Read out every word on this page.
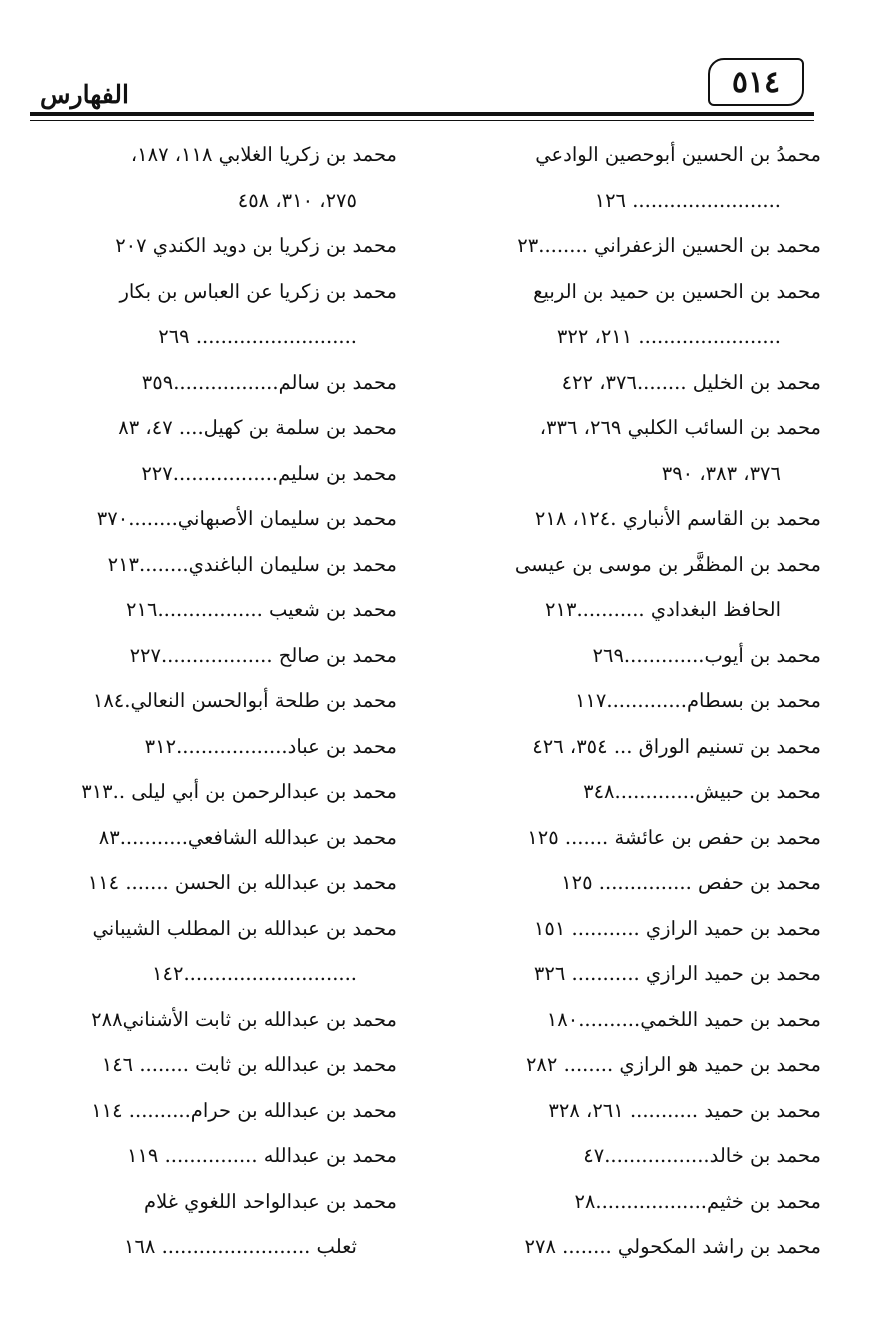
٥١٤
الفهارس
محمدُ بن الحسين أبوحصين الوادعي
........................ ١٢٦
محمد بن الحسين الزعفراني ........٢٣
محمد بن الحسين بن حميد بن الربيع
....................... ٢١١، ٣٢٢
محمد بن الخليل ........٣٧٦، ٤٢٢
محمد بن السائب الكلبي ٢٦٩، ٣٣٦،
٣٧٦، ٣٨٣، ٣٩٠
محمد بن القاسم الأنباري .١٢٤، ٢١٨
محمد بن المظفَّر بن موسى بن عيسى
الحافظ البغدادي ...........٢١٣
محمد بن أيوب.............٢٦٩
محمد بن بسطام.............١١٧
محمد بن تسنيم الوراق ... ٣٥٤، ٤٢٦
محمد بن حبيش.............٣٤٨
محمد بن حفص بن عائشة ....... ١٢٥
محمد بن حفص ............... ١٢٥
محمد بن حميد الرازي ........... ١٥١
محمد بن حميد الرازي ........... ٣٢٦
محمد بن حميد اللخمي..........١٨٠
محمد بن حميد هو الرازي ........ ٢٨٢
محمد بن حميد ........... ٢٦١، ٣٢٨
محمد بن خالد.................٤٧
محمد بن خثيم..................٢٨
محمد بن راشد المكحولي ........ ٢٧٨
محمد بن زكريا الغلابي ١١٨، ١٨٧،
٢٧٥، ٣١٠، ٤٥٨
محمد بن زكريا بن دويد الكندي ٢٠٧
محمد بن زكريا عن العباس بن بكار
.......................... ٢٦٩
محمد بن سالم.................٣٥٩
محمد بن سلمة بن كهيل.... ٤٧، ٨٣
محمد بن سليم.................٢٢٧
محمد بن سليمان الأصبهاني........٣٧٠
محمد بن سليمان الباغندي........٢١٣
محمد بن شعيب .................٢١٦
محمد بن صالح ..................٢٢٧
محمد بن طلحة أبوالحسن النعالي.١٨٤
محمد بن عباد..................٣١٢
محمد بن عبدالرحمن بن أبي ليلى ..٣١٣
محمد بن عبدالله الشافعي...........٨٣
محمد بن عبدالله بن الحسن ....... ١١٤
محمد بن عبدالله بن المطلب الشيباني
............................١٤٢
محمد بن عبدالله بن ثابت الأشناني٢٨٨
محمد بن عبدالله بن ثابت ........ ١٤٦
محمد بن عبدالله بن حرام.......... ١١٤
محمد بن عبدالله ............... ١١٩
محمد بن عبدالواحد اللغوي غلام
ثعلب ........................ ١٦٨
